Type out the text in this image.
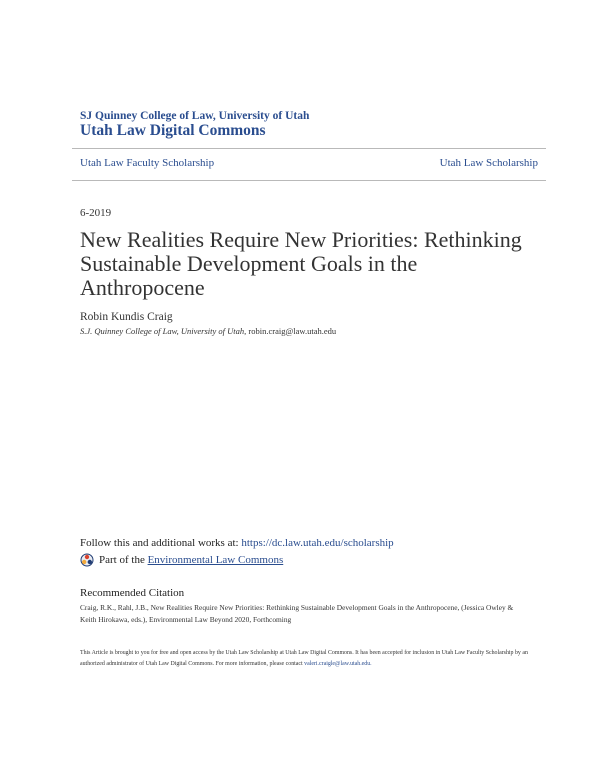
SJ Quinney College of Law, University of Utah
Utah Law Digital Commons
Utah Law Faculty Scholarship	Utah Law Scholarship
6-2019
New Realities Require New Priorities: Rethinking Sustainable Development Goals in the Anthropocene
Robin Kundis Craig
S.J. Quinney College of Law, University of Utah, robin.craig@law.utah.edu
Follow this and additional works at: https://dc.law.utah.edu/scholarship
Part of the
Environmental Law Commons
Recommended Citation
Craig, R.K., Rahl, J.B., New Realities Require New Priorities: Rethinking Sustainable Development Goals in the Anthropocene, (Jessica Owley & Keith Hirokawa, eds.), Environmental Law Beyond 2020, Forthcoming
This Article is brought to you for free and open access by the Utah Law Scholarship at Utah Law Digital Commons. It has been accepted for inclusion in Utah Law Faculty Scholarship by an authorized administrator of Utah Law Digital Commons. For more information, please contact valeri.craigle@law.utah.edu.
